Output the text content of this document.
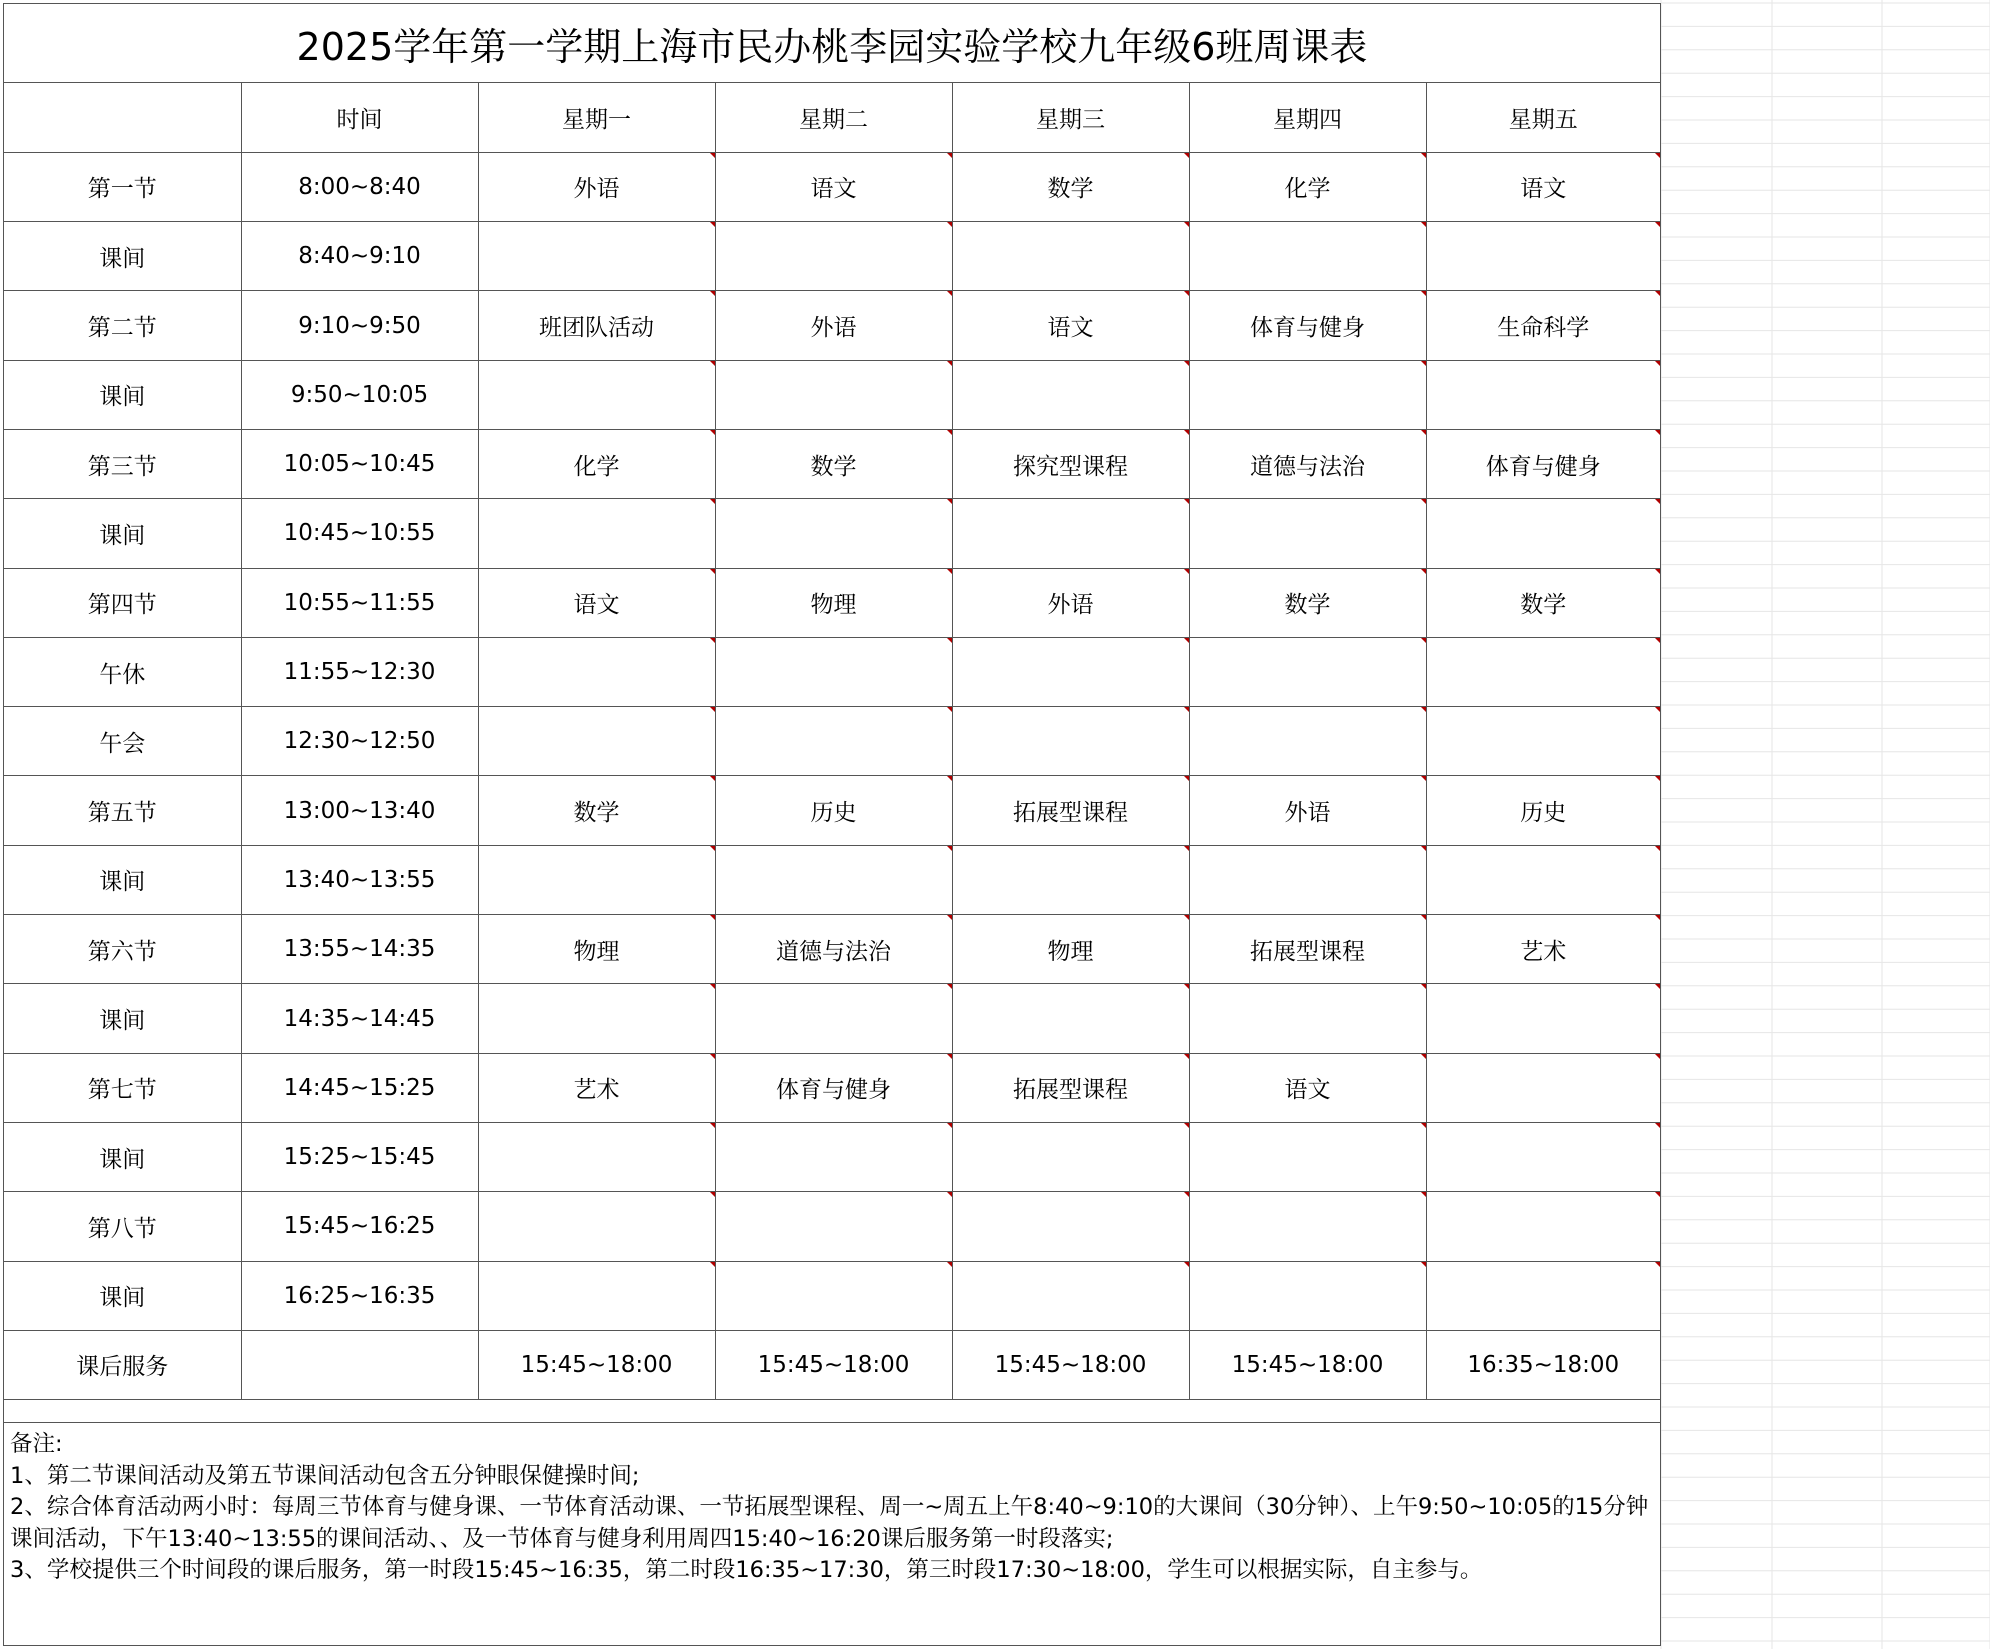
2025学年第一学期上海市民办桃李园实验学校九年级6班周课表
	时间	星期一	星期二	星期三	星期四	星期五
第一节	8:00~8:40	外语	语文	数学	化学	语文
课间	8:40~9:10					
第二节	9:10~9:50	班团队活动	外语	语文	体育与健身	生命科学
课间	9:50~10:05					
第三节	10:05~10:45	化学	数学	探究型课程	道德与法治	体育与健身
课间	10:45~10:55					
第四节	10:55~11:55	语文	物理	外语	数学	数学
午休	11:55~12:30					
午会	12:30~12:50					
第五节	13:00~13:40	数学	历史	拓展型课程	外语	历史
课间	13:40~13:55					
第六节	13:55~14:35	物理	道德与法治	物理	拓展型课程	艺术
课间	14:35~14:45					
第七节	14:45~15:25	艺术	体育与健身	拓展型课程	语文	
课间	15:25~15:45					
第八节	15:45~16:25					
课间	16:25~16:35					
课后服务		15:45~18:00	15:45~18:00	15:45~18:00	15:45~18:00	16:35~18:00
备注:
1、第二节课间活动及第五节课间活动包含五分钟眼保健操时间;
2、综合体育活动两小时：每周三节体育与健身课、一节体育活动课、一节拓展型课程、周一~周五上午8:40~9:10的大课间（30分钟）、上午9:50~10:05的15分钟课间活动，下午13:40~13:55的课间活动、、及一节体育与健身利用周四15:40~16:20课后服务第一时段落实;
3、学校提供三个时间段的课后服务，第一时段15:45~16:35，第二时段16:35~17:30，第三时段17:30~18:00，学生可以根据实际，自主参与。
